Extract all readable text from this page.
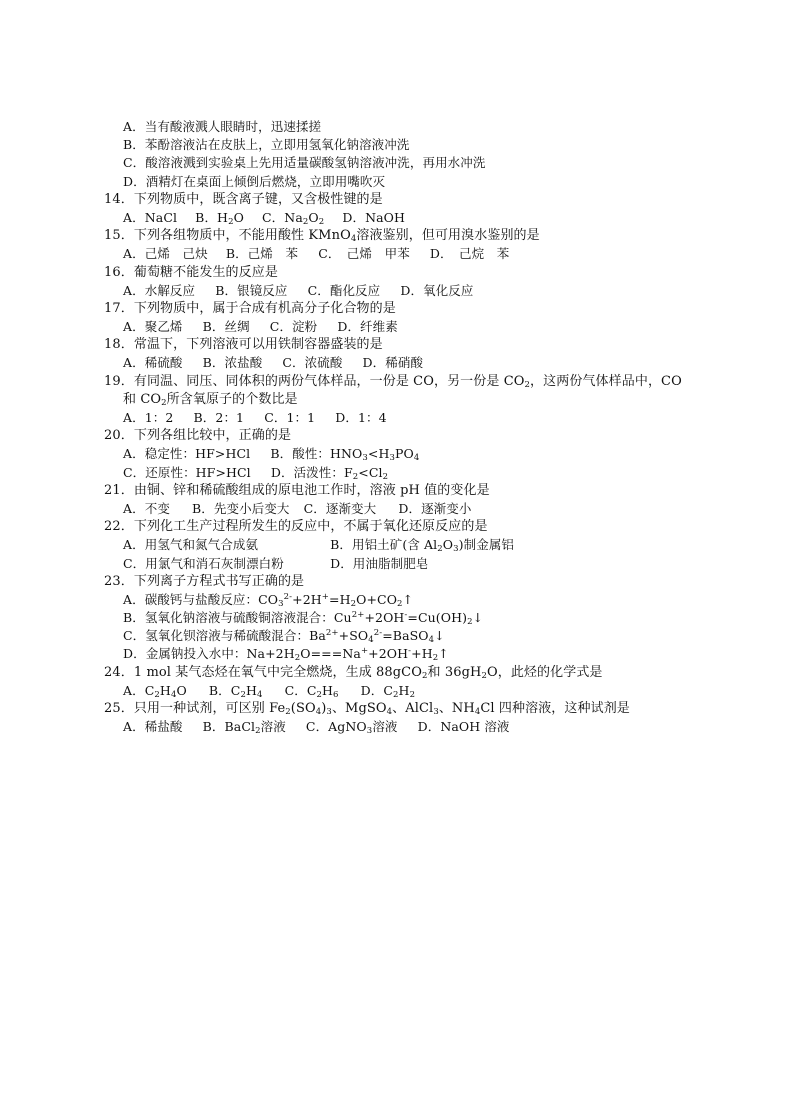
A．当有酸液溅人眼睛时，迅速揉搓
B．苯酚溶液沾在皮肤上，立即用氢氧化钠溶液冲洗
C．酸溶液溅到实验桌上先用适量碳酸氢钠溶液冲洗，再用水冲洗
D．酒精灯在桌面上倾倒后燃烧，立即用嘴吹灭
14．下列物质中，既含离子键，又含极性键的是
A．NaCl B．$H_2O$ C．$Na_2O_2$ D．NaOH
15．下列各组物质中，不能用酸性 KMnO$_4$溶液鉴别，但可用溴水鉴别的是
A．己烯　己炔 B．己烯　苯 C．　己烯　甲苯 D．　己烷　苯
16．葡萄糖不能发生的反应是
A．水解反应 B．银镜反应 C．酯化反应 D．氧化反应
17．下列物质中，属于合成有机高分子化合物的是
A．聚乙烯 B．丝绸 C．淀粉 D．纤维素
18．常温下，下列溶液可以用铁制容器盛装的是
A．稀硫酸 B．浓盐酸 C．浓硫酸 D．稀硝酸
19．有同温、同压、同体积的两份气体样品，一份是 CO，另一份是 $CO_2$，这两份气体样品中，CO
和 $CO_2$所含氧原子的个数比是
A．1：2 B．2：1 C．1：1 D．1：4
20．下列各组比较中，正确的是
A．稳定性：HF>HCl B．酸性：$HNO_3<H_3PO_4$
C．还原性：HF>HCl D．活泼性：$F_2<Cl_2$
21．由铜、锌和稀硫酸组成的原电池工作时，溶液 pH 值的变化是
A．不变 B．先变小后变大 C．逐渐变大 D．逐渐变小
22．下列化工生产过程所发生的反应中，不属于氧化还原反应的是
A．用氢气和氮气合成氨	B．用铝土矿(含 $Al_2O_3$)制金属铝
C．用氯气和消石灰制漂白粉	D．用油脂制肥皂
23．下列离子方程式书写正确的是
A．碳酸钙与盐酸反应：$CO_3^{2-}+2H^+=H_2O+CO_2↑$
B．氢氧化钠溶液与硫酸铜溶液混合：$Cu^{2+}+2OH^-=Cu(OH)_2↓$
C．氢氧化钡溶液与稀硫酸混合：$Ba^{2+}+SO_4^{2-}=BaSO_4↓$
D．金属钠投入水中：$Na+2H_2O===Na^++2OH^-+H_2↑$
24．1 mol 某气态烃在氧气中完全燃烧，生成 88gCO$_2$和 $36gH_2O$，此烃的化学式是
A．$C_2H_4O$ B．$C_2H_4$ C．$C_2H_6$ D．$C_2H_2$
25．只用一种试剂，可区别 $Fe_2(SO_4)_3$、MgSO$_4$、AlCl$_3$、$NH_4Cl$ 四种溶液，这种试剂是
A．稀盐酸 B．BaCl$_2$溶液 C．AgNO$_3$溶液 D．NaOH 溶液
